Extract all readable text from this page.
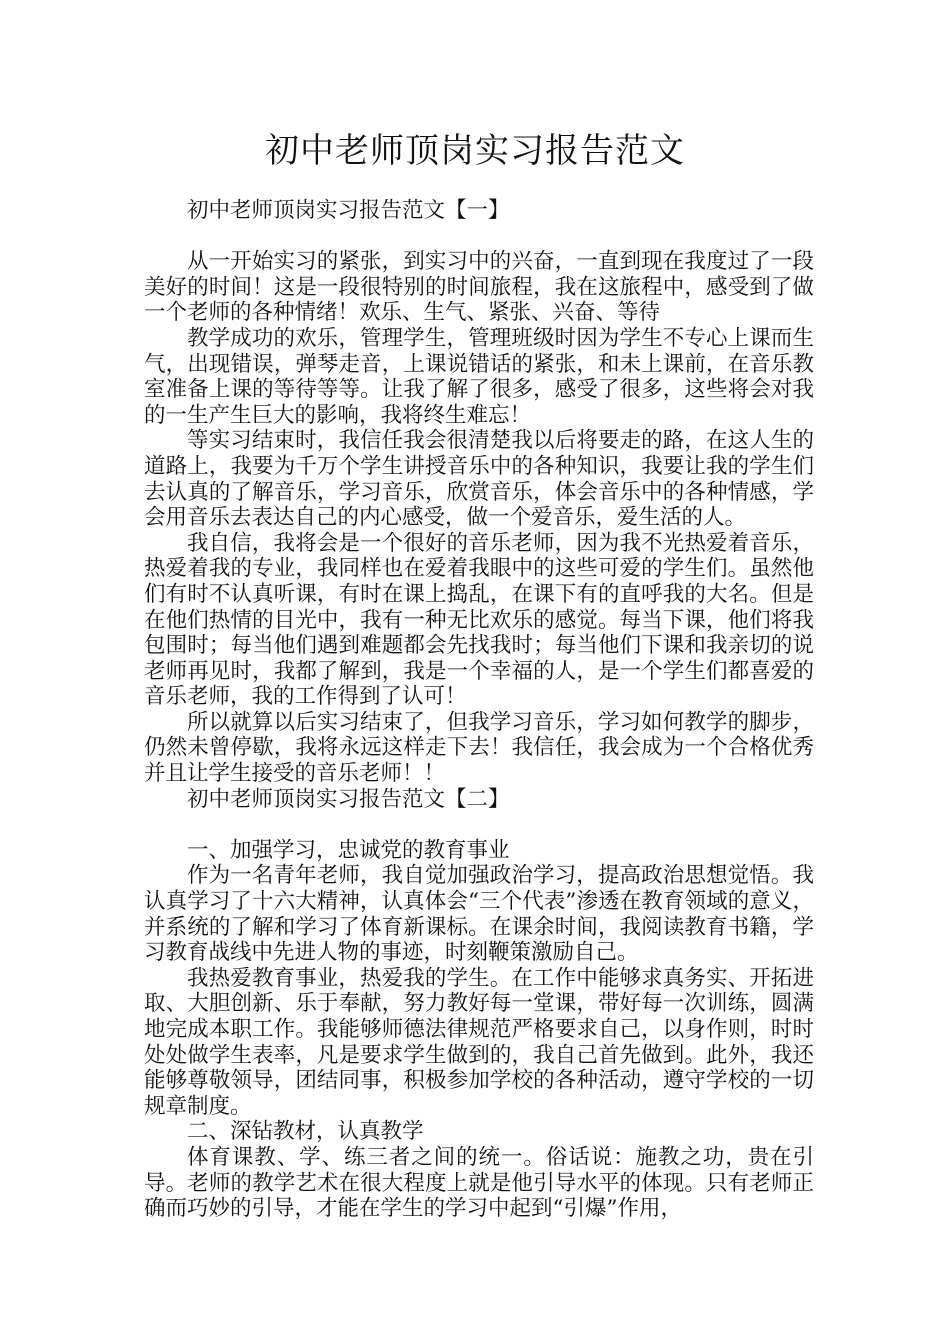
初中老师顶岗实习报告范文

初中老师顶岗实习报告范文【一】

从一开始实习的紧张，到实习中的兴奋，一直到现在我度过了一段美好的时间！这是一段很特别的时间旅程，我在这旅程中，感受到了做一个老师的各种情绪！欢乐、生气、紧张、兴奋、等待

教学成功的欢乐，管理学生，管理班级时因为学生不专心上课而生气，出现错误，弹琴走音，上课说错话的紧张，和未上课前，在音乐教室准备上课的等待等等。让我了解了很多，感受了很多，这些将会对我的一生产生巨大的影响，我将终生难忘！

等实习结束时，我信任我会很清楚我以后将要走的路，在这人生的道路上，我要为千万个学生讲授音乐中的各种知识，我要让我的学生们去认真的了解音乐，学习音乐，欣赏音乐，体会音乐中的各种情感，学会用音乐去表达自己的内心感受，做一个爱音乐，爱生活的人。

我自信，我将会是一个很好的音乐老师，因为我不光热爱着音乐，热爱着我的专业，我同样也在爱着我眼中的这些可爱的学生们。虽然他们有时不认真听课，有时在课上捣乱，在课下有的直呼我的大名。但是在他们热情的目光中，我有一种无比欢乐的感觉。每当下课，他们将我包围时；每当他们遇到难题都会先找我时；每当他们下课和我亲切的说老师再见时，我都了解到，我是一个幸福的人，是一个学生们都喜爱的音乐老师，我的工作得到了认可！

所以就算以后实习结束了，但我学习音乐，学习如何教学的脚步，仍然未曾停歇，我将永远这样走下去！我信任，我会成为一个合格优秀并且让学生接受的音乐老师！！

初中老师顶岗实习报告范文【二】

一、加强学习，忠诚党的教育事业

作为一名青年老师，我自觉加强政治学习，提高政治思想觉悟。我认真学习了十六大精神，认真体会“三个代表”渗透在教育领域的意义，并系统的了解和学习了体育新课标。在课余时间，我阅读教育书籍，学习教育战线中先进人物的事迹，时刻鞭策激励自己。

我热爱教育事业，热爱我的学生。在工作中能够求真务实、开拓进取、大胆创新、乐于奉献，努力教好每一堂课，带好每一次训练，圆满地完成本职工作。我能够师德法律规范严格要求自己，以身作则，时时处处做学生表率，凡是要求学生做到的，我自己首先做到。此外，我还能够尊敬领导，团结同事，积极参加学校的各种活动，遵守学校的一切规章制度。

二、深钻教材，认真教学

体育课教、学、练三者之间的统一。俗话说：施教之功，贵在引导。老师的教学艺术在很大程度上就是他引导水平的体现。只有老师正确而巧妙的引导，才能在学生的学习中起到“引爆”作用，
